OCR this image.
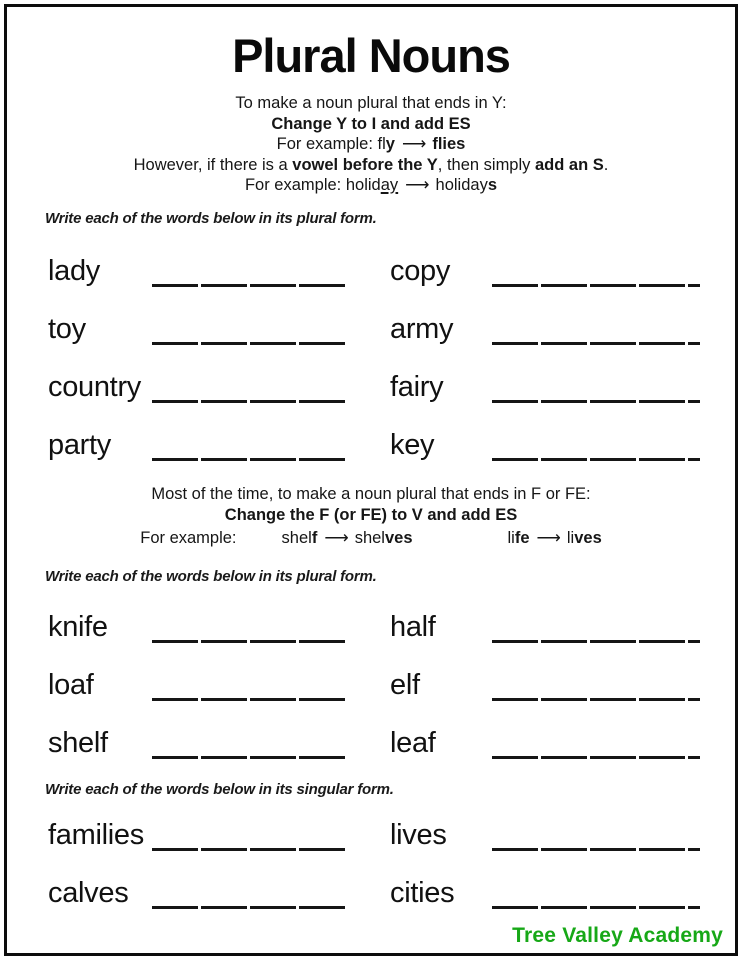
Plural Nouns
To make a noun plural that ends in Y:
Change Y to I and add ES
For example: fly ⟶ flies
However, if there is a vowel before the Y, then simply add an S.
For example: holiday ⟶ holidays
Write each of the words below in its plural form.
lady	copy
toy	army
country	fairy
party	key
Most of the time, to make a noun plural that ends in F or FE:
Change the F (or FE) to V and add ES
For example:	shel f ⟶ shel ves	li fe ⟶ li ves
Write each of the words below in its plural form.
knife	half
loaf	elf
shelf	leaf
Write each of the words below in its singular form.
families	lives
calves	cities
Tree Valley Academy
